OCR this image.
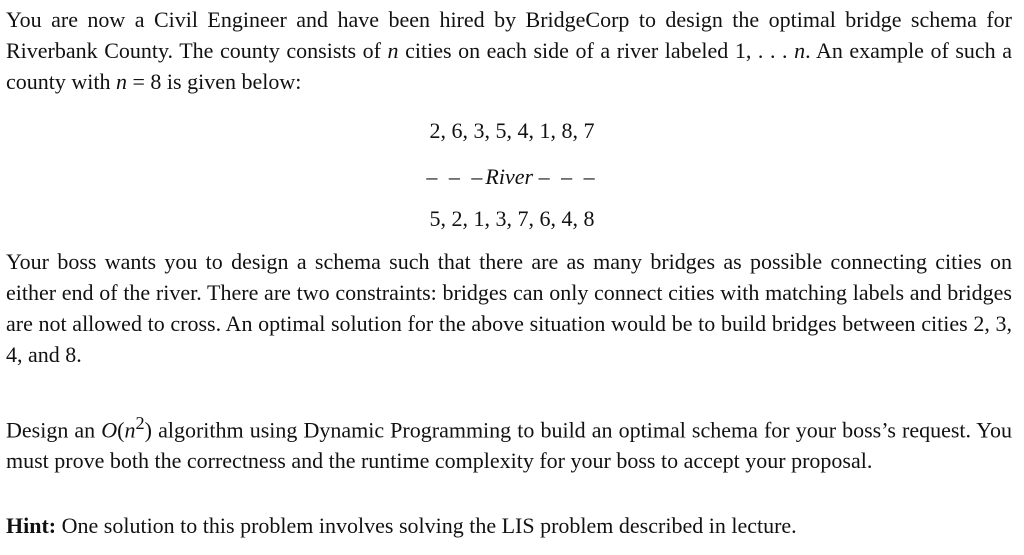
You are now a Civil Engineer and have been hired by BridgeCorp to design the optimal bridge schema for Riverbank County. The county consists of n cities on each side of a river labeled 1, . . . n. An example of such a county with n = 8 is given below:

2, 6, 3, 5, 4, 1, 8, 7

– – –River – – –

5, 2, 1, 3, 7, 6, 4, 8

Your boss wants you to design a schema such that there are as many bridges as possible connecting cities on either end of the river. There are two constraints: bridges can only connect cities with matching labels and bridges are not allowed to cross. An optimal solution for the above situation would be to build bridges between cities 2, 3, 4, and 8.

Design an $O(n^2)$ algorithm using Dynamic Programming to build an optimal schema for your boss’s request. You must prove both the correctness and the runtime complexity for your boss to accept your proposal.

Hint: One solution to this problem involves solving the LIS problem described in lecture.
